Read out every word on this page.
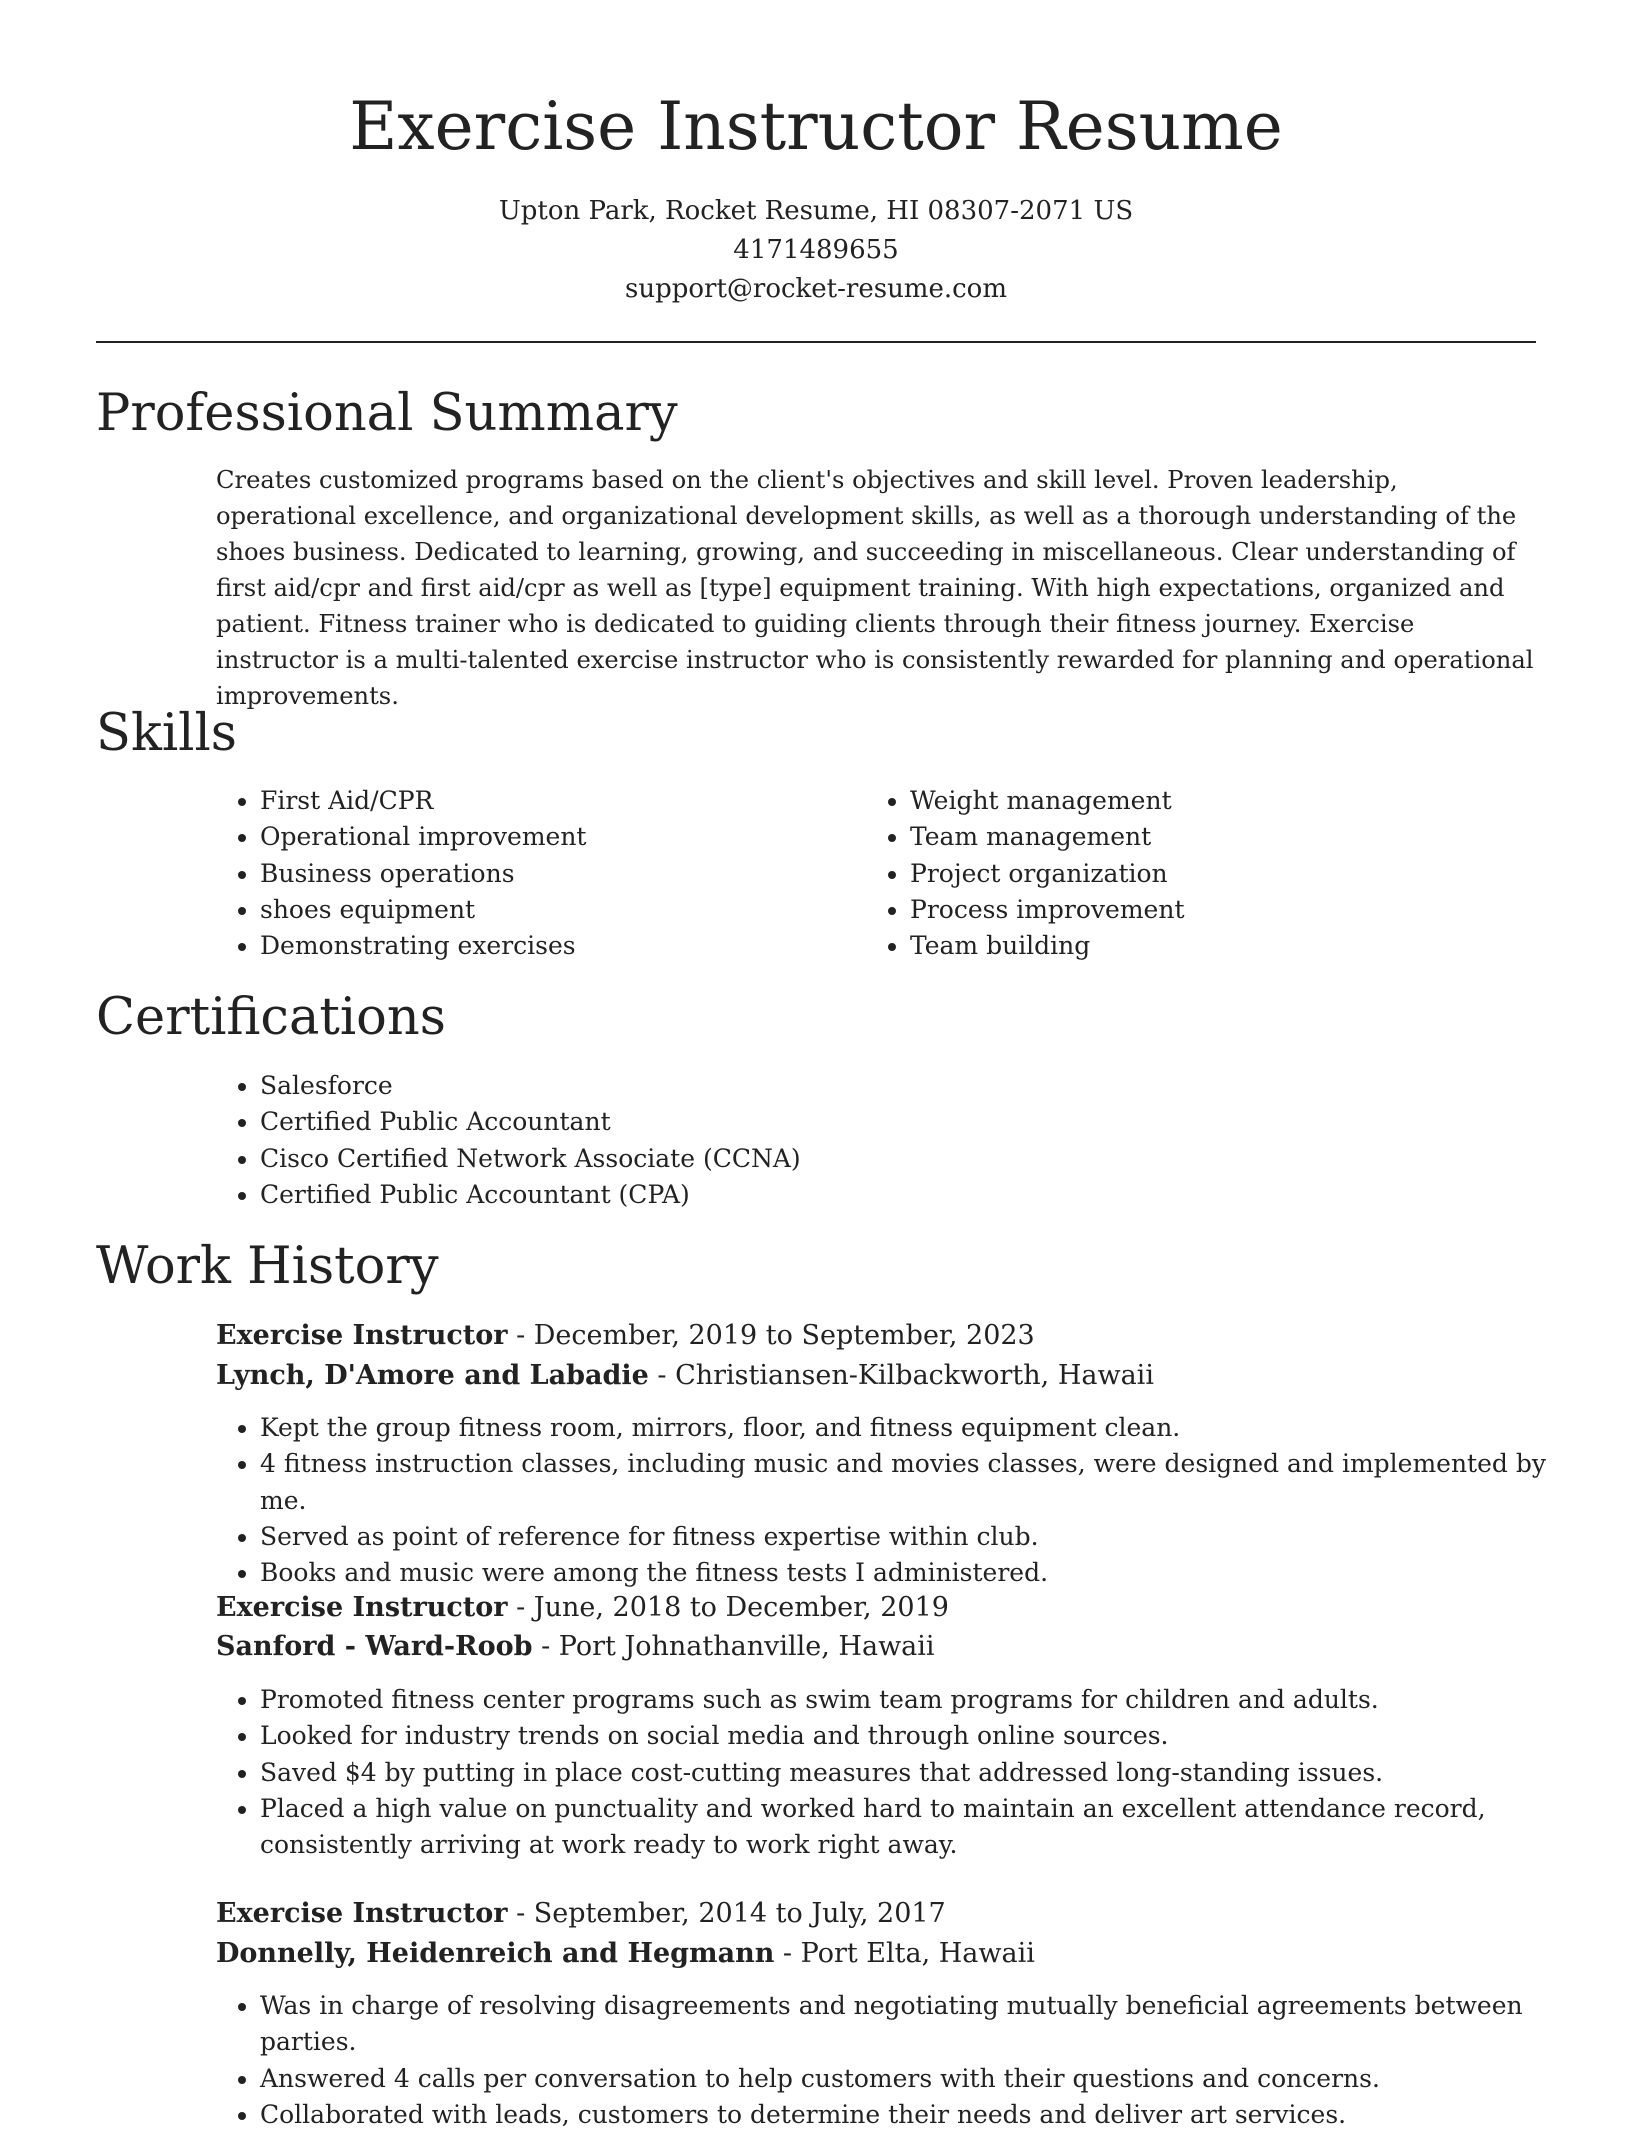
Exercise Instructor Resume
Upton Park, Rocket Resume, HI 08307-2071 US
4171489655
support@rocket-resume.com
Professional Summary

Creates customized programs based on the client's objectives and skill level. Proven leadership, operational excellence, and organizational development skills, as well as a thorough understanding of the shoes business. Dedicated to learning, growing, and succeeding in miscellaneous. Clear understanding of first aid/cpr and first aid/cpr as well as [type] equipment training. With high expectations, organized and patient. Fitness trainer who is dedicated to guiding clients through their fitness journey. Exercise instructor is a multi-talented exercise instructor who is consistently rewarded for planning and operational improvements.

Skills
• First Aid/CPR
• Operational improvement
• Business operations
• shoes equipment
• Demonstrating exercises
• Weight management
• Team management
• Project organization
• Process improvement
• Team building
Certifications
• Salesforce
• Certified Public Accountant
• Cisco Certified Network Associate (CCNA)
• Certified Public Accountant (CPA)
Work History
Exercise Instructor - December, 2019 to September, 2023
Lynch, D'Amore and Labadie - Christiansen-Kilbackworth, Hawaii
• Kept the group fitness room, mirrors, floor, and fitness equipment clean.
• 4 fitness instruction classes, including music and movies classes, were designed and implemented by me.
• Served as point of reference for fitness expertise within club.
• Books and music were among the fitness tests I administered.
Exercise Instructor - June, 2018 to December, 2019
Sanford - Ward-Roob - Port Johnathanville, Hawaii
• Promoted fitness center programs such as swim team programs for children and adults.
• Looked for industry trends on social media and through online sources.
• Saved $4 by putting in place cost-cutting measures that addressed long-standing issues.
• Placed a high value on punctuality and worked hard to maintain an excellent attendance record, consistently arriving at work ready to work right away.
Exercise Instructor - September, 2014 to July, 2017
Donnelly, Heidenreich and Hegmann - Port Elta, Hawaii
• Was in charge of resolving disagreements and negotiating mutually beneficial agreements between parties.
• Answered 4 calls per conversation to help customers with their questions and concerns.
• Collaborated with leads, customers to determine their needs and deliver art services.
